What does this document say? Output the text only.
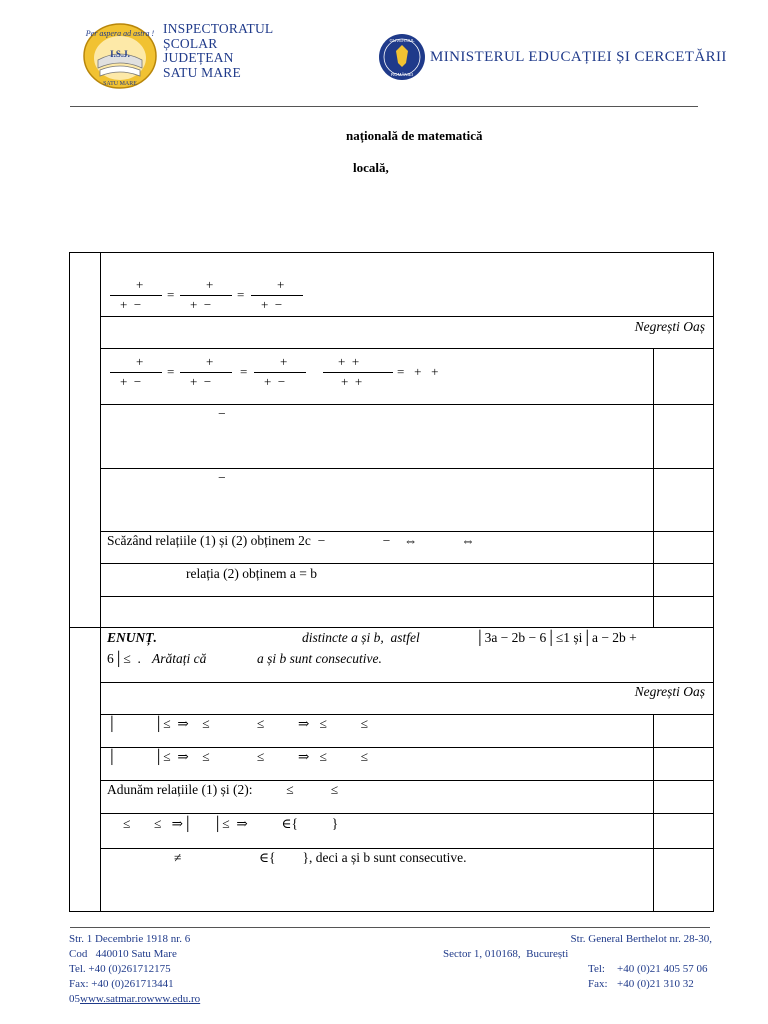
Per aspera ad astra !
I.S.J.
SATU MARE
INSPECTORATUL
ȘCOLAR
JUDEȚEAN
SATU MARE
GUVERNUL
ROMÂNIEI
MINISTERUL EDUCAȚIEI ȘI CERCETĂRII
națională de matematică
locală,
+
+  −
=
+
+  −
=
+
+  −
Negrești Oaș
+
+  −
=
+
+  −
=
+
+  −
+  +
+  +
=   +   +
−
−
Scăzând relațiile (1) și (2) obținem 2c  −                 −    ⇔             ⇔
relația (2) obținem a = b
ENUNȚ.	distincte a și b,  astfel	│3a − 2b − 6│≤1 și│a − 2b +
6│≤  . Arătați că               a și b sunt consecutive.
Negrești Oaș
│           │≤  ⇒    ≤              ≤          ⇒   ≤          ≤
│           │≤  ⇒    ≤              ≤          ⇒   ≤          ≤
Adunăm relațiile (1) și (2):          ≤           ≤
≤       ≤   ⇒│      │≤  ⇒          ∈{          }
≠                       ∈{        }, deci a și b sunt consecutive.
Str. 1 Decembrie 1918 nr. 6
Cod   440010 Satu Mare
Tel. +40 (0)261712175
Fax: +40 (0)261713441
05www.satmar.rowww.edu.ro
Str. General Berthelot nr. 28-30,
Sector 1, 010168,  București
Tel: +40 (0)21 405 57 06
Fax: +40 (0)21 310 32
